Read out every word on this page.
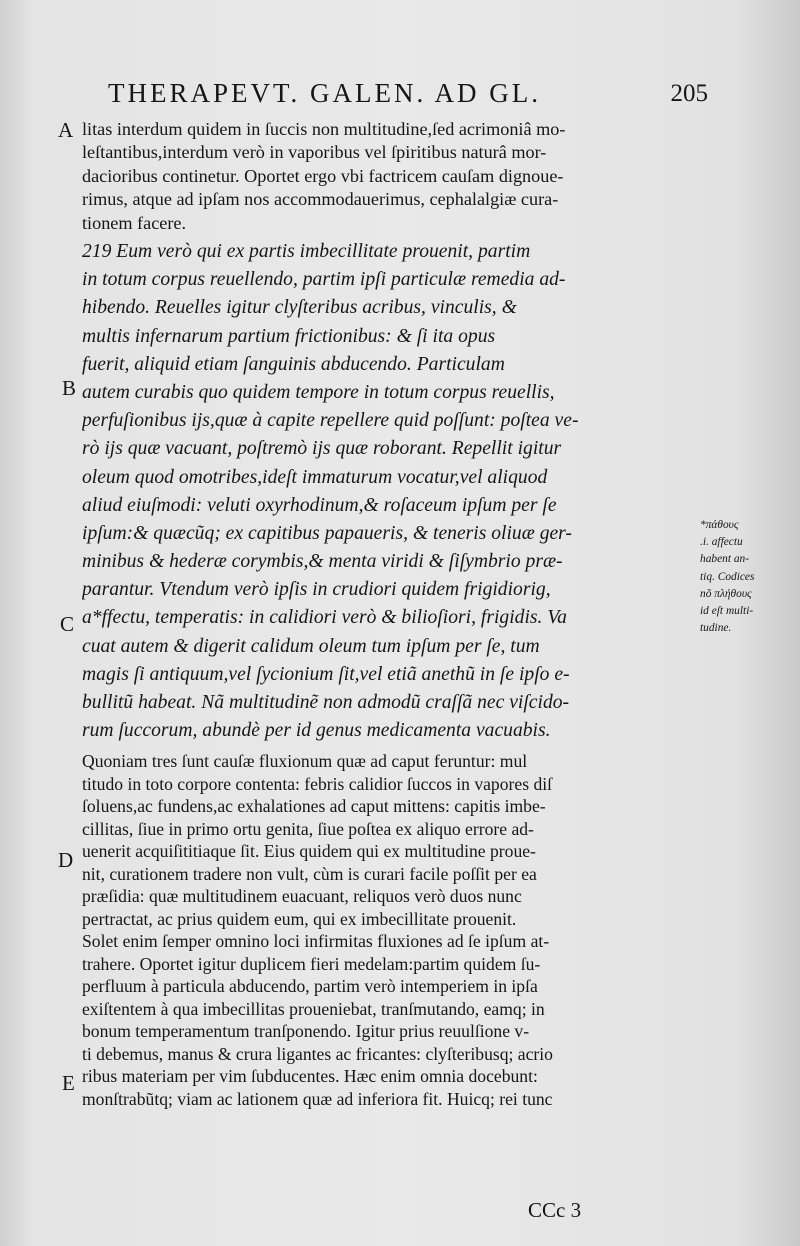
THERAPEVT. GALEN. AD GL.	205
A
B
C
D
E
litas interdum quidem in ſuccis non multitudine,ſed acrimoniâ mo-
leſtantibus,interdum verò in vaporibus vel ſpiritibus naturâ mor-
dacioribus continetur. Oportet ergo vbi factricem cauſam dignoue-
rimus, atque ad ipſam nos accommodauerimus, cephalalgiæ cura-
tionem facere.
219 Eum verò qui ex partis imbecillitate prouenit, partim
in totum corpus reuellendo, partim ipſi particulæ remedia ad-
hibendo. Reuelles igitur clyſteribus acribus, vinculis, &
multis infernarum partium frictionibus: & ſi ita opus
fuerit, aliquid etiam ſanguinis abducendo. Particulam
autem curabis quo quidem tempore in totum corpus reuellis,
perfuſionibus ijs,quæ à capite repellere quid poſſunt: poſtea ve-
rò ijs quæ vacuant, poſtremò ijs quæ roborant. Repellit igitur
oleum quod omotribes,ideſt immaturum vocatur,vel aliquod
aliud eiuſmodi: veluti oxyrhodinum,& roſaceum ipſum per ſe
ipſum:& quæcũq; ex capitibus papaueris, & teneris oliuæ ger-
minibus & hederæ corymbis,& menta viridi & ſiſymbrio præ-
parantur. Vtendum verò ipſis in crudiori quidem frigidiorig,
a*ffectu, temperatis: in calidiori verò & bilioſiori, frigidis. Va
cuat autem & digerit calidum oleum tum ipſum per ſe, tum
magis ſi antiquum,vel ſycionium ſit,vel etiã anethũ in ſe ipſo e-
bullitũ habeat. Nã multitudinẽ non admodũ craſſã nec viſcido-
rum ſuccorum, abundè per id genus medicamenta vacuabis.
*πάθους
.i. affectu
habent an-
tiq. Codices
nõ πλήθους
id eſt multi-
tudine.
Quoniam tres ſunt cauſæ fluxionum quæ ad caput feruntur: mul
titudo in toto corpore contenta: febris calidior ſuccos in vapores diſ
ſoluens,ac fundens,ac exhalationes ad caput mittens: capitis imbe-
cillitas, ſiue in primo ortu genita, ſiue poſtea ex aliquo errore ad-
uenerit acquiſititiaque ſit. Eius quidem qui ex multitudine proue-
nit, curationem tradere non vult, cùm is curari facile poſſit per ea
præſidia: quæ multitudinem euacuant, reliquos verò duos nunc
pertractat, ac prius quidem eum, qui ex imbecillitate prouenit.
Solet enim ſemper omnino loci infirmitas fluxiones ad ſe ipſum at-
trahere. Oportet igitur duplicem fieri medelam:partim quidem ſu-
perfluum à particula abducendo, partim verò intemperiem in ipſa
exiſtentem à qua imbecillitas proueniebat, tranſmutando, eamq; in
bonum temperamentum tranſponendo. Igitur prius reuulſione v-
ti debemus, manus & crura ligantes ac fricantes: clyſteribusq; acrio
ribus materiam per vim ſubducentes. Hæc enim omnia docebunt:
monſtrabũtq; viam ac lationem quæ ad inferiora fit. Huicq; rei tunc
CCc 3
